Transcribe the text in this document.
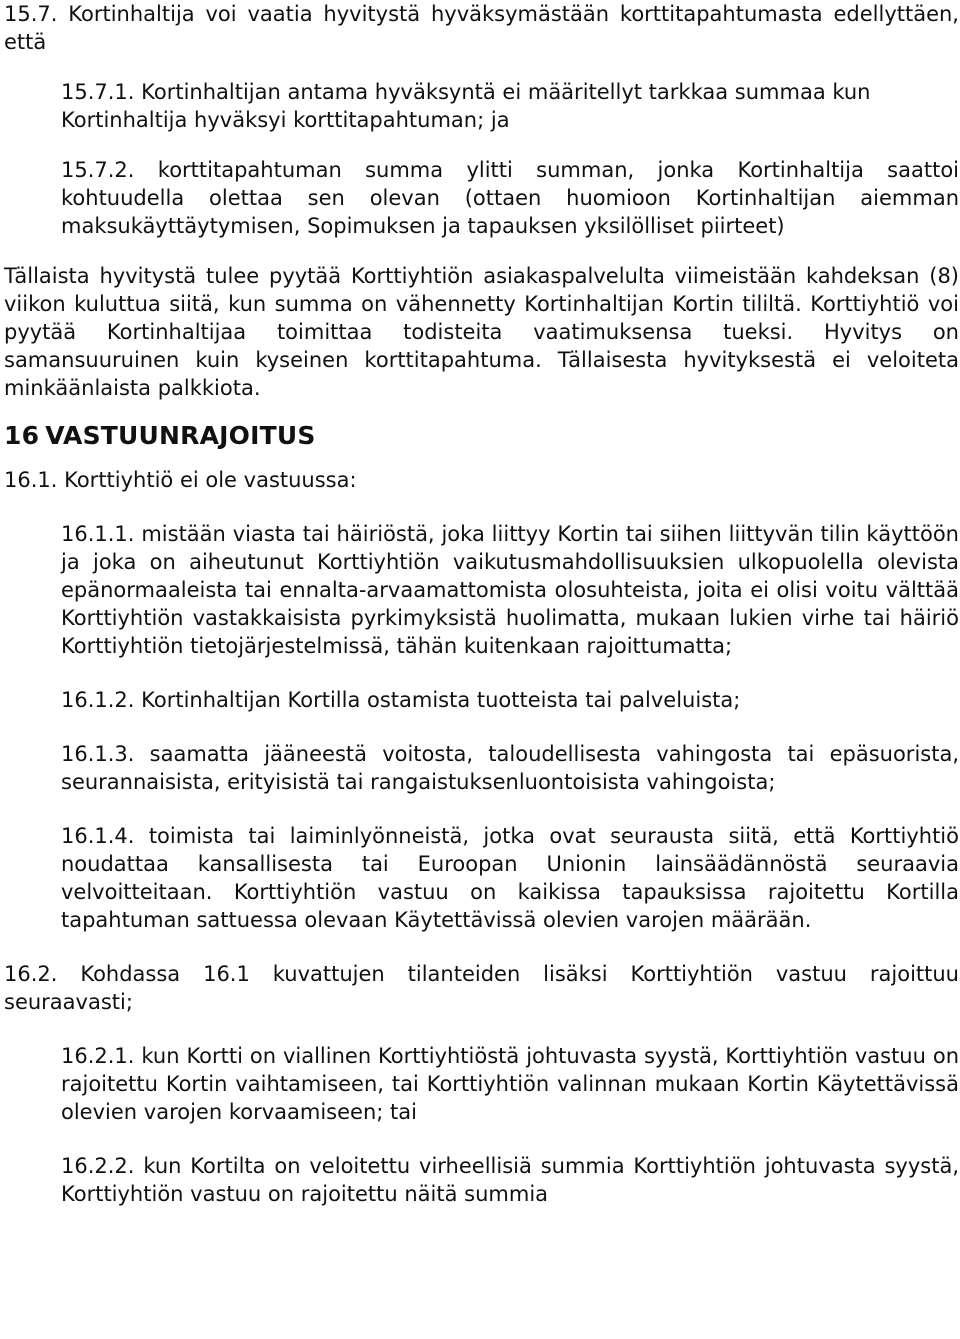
15.7. Kortinhaltija voi vaatia hyvitystä hyväksymästään korttitapahtumasta edellyttäen, että

15.7.1. Kortinhaltijan antama hyväksyntä ei määritellyt tarkkaa summaa kun Kortinhaltija hyväksyi korttitapahtuman; ja

15.7.2. korttitapahtuman summa ylitti summan, jonka Kortinhaltija saattoi kohtuudella olettaa sen olevan (ottaen huomioon Kortinhaltijan aiemman maksukäyttäytymisen, Sopimuksen ja tapauksen yksilölliset piirteet)

Tällaista hyvitystä tulee pyytää Korttiyhtiön asiakaspalvelulta viimeistään kahdeksan (8) viikon kuluttua siitä, kun summa on vähennetty Kortinhaltijan Kortin tililtä. Korttiyhtiö voi pyytää Kortinhaltijaa toimittaa todisteita vaatimuksensa tueksi. Hyvitys on samansuuruinen kuin kyseinen korttitapahtuma. Tällaisesta hyvityksestä ei veloiteta minkäänlaista palkkiota.

16 VASTUUNRAJOITUS

16.1. Korttiyhtiö ei ole vastuussa:

16.1.1. mistään viasta tai häiriöstä, joka liittyy Kortin tai siihen liittyvän tilin käyttöön ja joka on aiheutunut Korttiyhtiön vaikutusmahdollisuuksien ulkopuolella olevista epänormaaleista tai ennalta-arvaamattomista olosuhteista, joita ei olisi voitu välttää Korttiyhtiön vastakkaisista pyrkimyksistä huolimatta, mukaan lukien virhe tai häiriö Korttiyhtiön tietojärjestelmissä, tähän kuitenkaan rajoittumatta;

16.1.2. Kortinhaltijan Kortilla ostamista tuotteista tai palveluista;

16.1.3. saamatta jääneestä voitosta, taloudellisesta vahingosta tai epäsuorista, seurannaisista, erityisistä tai rangaistuksenluontoisista vahingoista;

16.1.4. toimista tai laiminlyönneistä, jotka ovat seurausta siitä, että Korttiyhtiö noudattaa kansallisesta tai Euroopan Unionin lainsäädännöstä seuraavia velvoitteitaan. Korttiyhtiön vastuu on kaikissa tapauksissa rajoitettu Kortilla tapahtuman sattuessa olevaan Käytettävissä olevien varojen määrään.

16.2. Kohdassa 16.1 kuvattujen tilanteiden lisäksi Korttiyhtiön vastuu rajoittuu seuraavasti;

16.2.1. kun Kortti on viallinen Korttiyhtiöstä johtuvasta syystä, Korttiyhtiön vastuu on rajoitettu Kortin vaihtamiseen, tai Korttiyhtiön valinnan mukaan Kortin Käytettävissä olevien varojen korvaamiseen; tai

16.2.2. kun Kortilta on veloitettu virheellisiä summia Korttiyhtiön johtuvasta syystä, Korttiyhtiön vastuu on rajoitettu näitä summia
